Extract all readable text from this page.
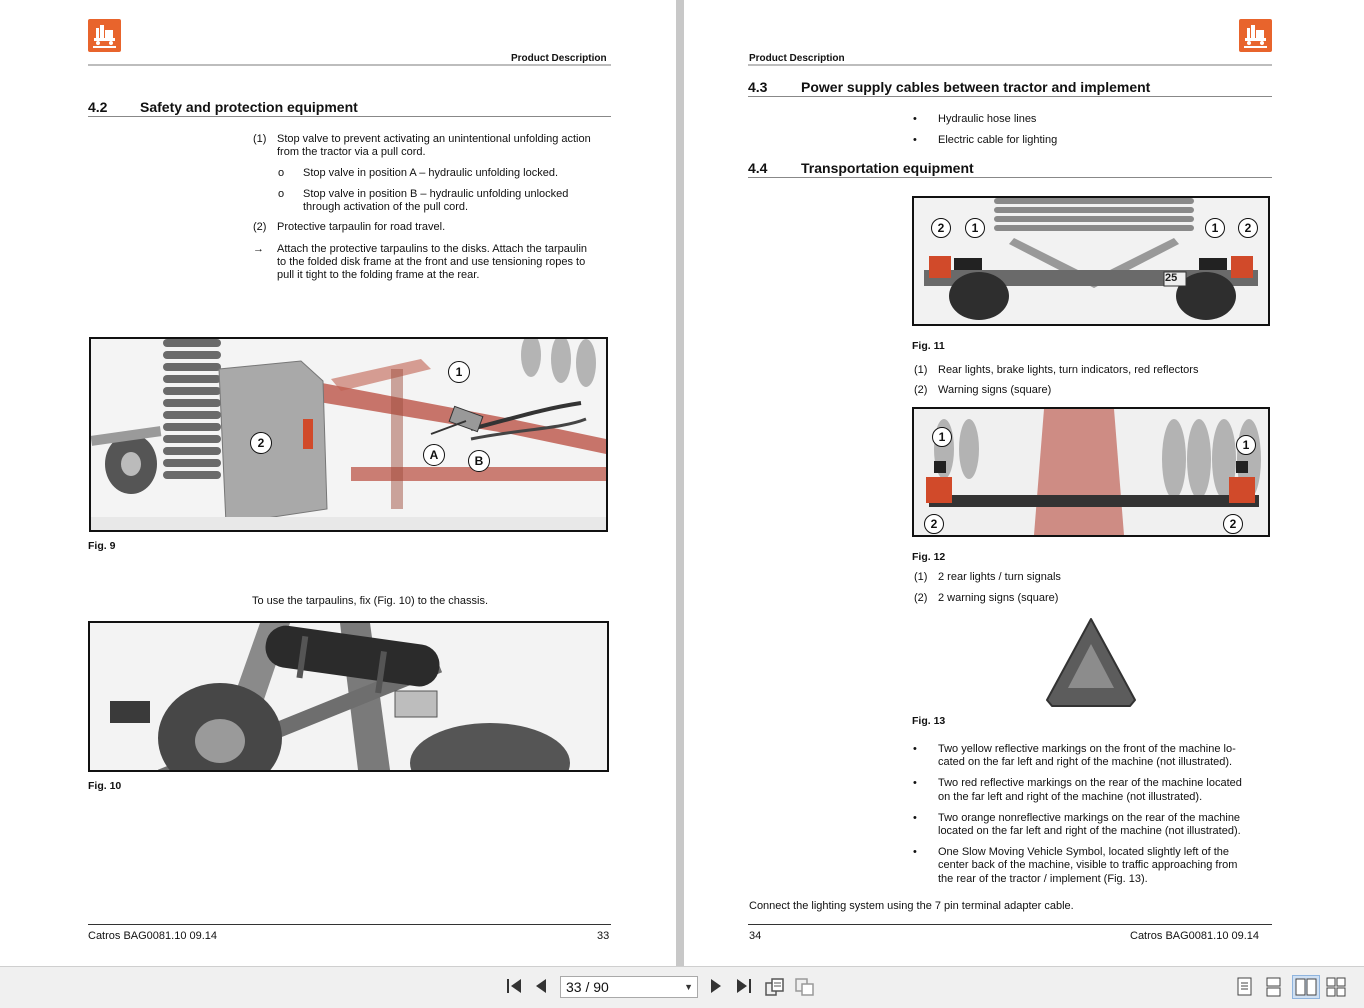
Product Description
4.2 Safety and protection equipment
(1) Stop valve to prevent activating an unintentional unfolding action
from the tractor via a pull cord.
o Stop valve in position A – hydraulic unfolding locked.
o Stop valve in position B – hydraulic unfolding unlocked
through activation of the pull cord.
(2) Protective tarpaulin for road travel.
→ Attach the protective tarpaulins to the disks. Attach the tarpaulin
to the folded disk frame at the front and use tensioning ropes to
pull it tight to the folding frame at the rear.
1
2
A	B
Fig. 9
To use the tarpaulins, fix (Fig. 10) to the chassis.
Fig. 10
Catros BAG0081.10 09.14	33
Product Description
4.3 Power supply cables between tractor and implement
• Hydraulic hose lines
• Electric cable for lighting
4.4 Transportation equipment
2	1	1	2
25
Fig. 11
(1) Rear lights, brake lights, turn indicators, red reflectors
(2) Warning signs (square)
1
1
2	2
Fig. 12
(1) 2 rear lights / turn signals
(2) 2 warning signs (square)
Fig. 13
• Two yellow reflective markings on the front of the machine lo-
cated on the far left and right of the machine (not illustrated).
• Two red reflective markings on the rear of the machine located
on the far left and right of the machine (not illustrated).
• Two orange nonreflective markings on the rear of the machine
located on the far left and right of the machine (not illustrated).
• One Slow Moving Vehicle Symbol, located slightly left of the
center back of the machine, visible to traffic approaching from
the rear of the tractor / implement (Fig. 13).
Connect the lighting system using the 7 pin terminal adapter cable.
34	Catros BAG0081.10 09.14
33 / 90	▼
